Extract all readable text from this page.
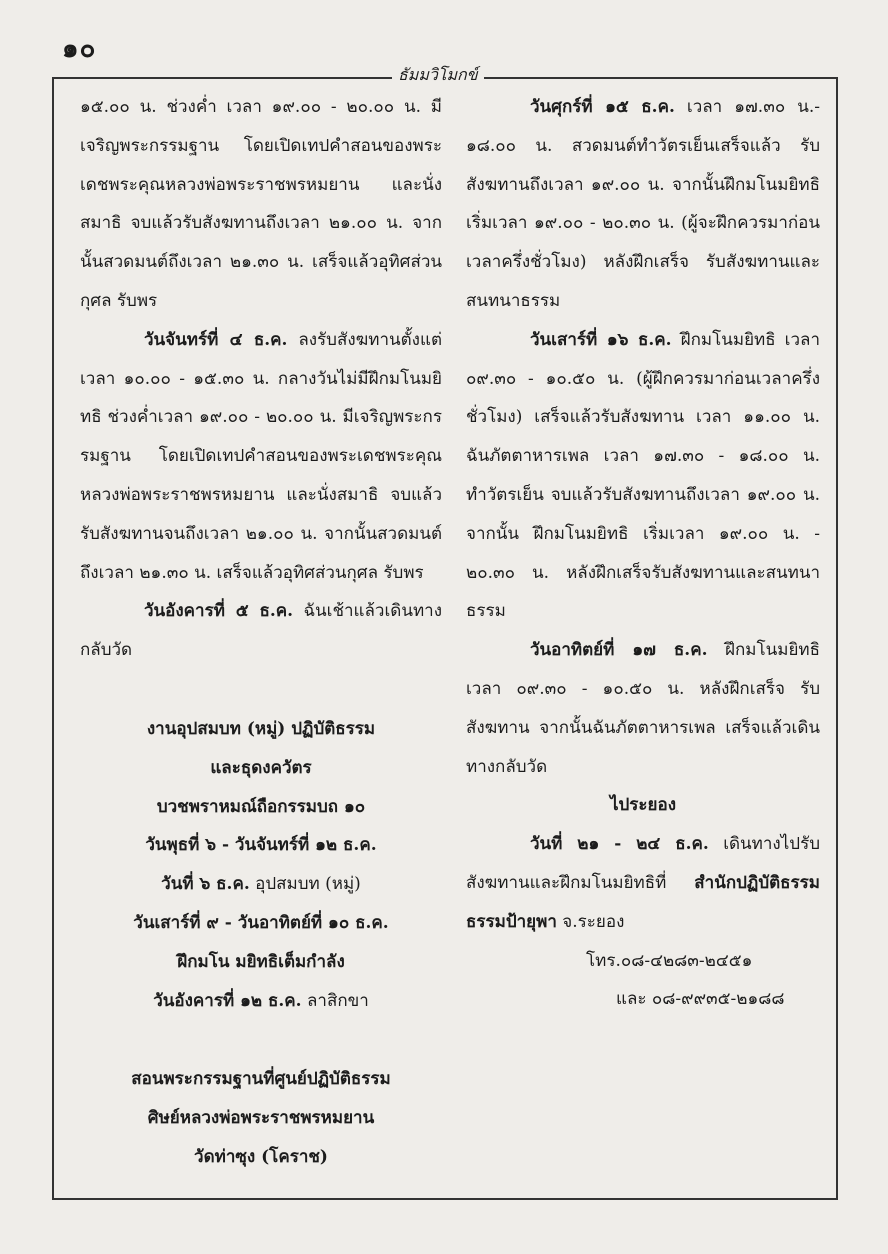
๑๐
ธัมมวิโมกข์

๑๕.๐๐ น. ช่วงค่ำ เวลา ๑๙.๐๐ - ๒๐.๐๐ น. มีเจริญพระกรรมฐาน โดยเปิดเทปคำสอนของพระเดชพระคุณหลวงพ่อพระราชพรหมยาน และนั่งสมาธิ จบแล้วรับสังฆทานถึงเวลา ๒๑.๐๐ น. จากนั้นสวดมนต์ถึงเวลา ๒๑.๓๐ น. เสร็จแล้วอุทิศส่วนกุศล รับพร

วันจันทร์ที่ ๔ ธ.ค. ลงรับสังฆทานตั้งแต่เวลา ๑๐.๐๐ - ๑๕.๓๐ น. กลางวันไม่มีฝึกมโนมยิทธิ ช่วงค่ำเวลา ๑๙.๐๐ - ๒๐.๐๐ น. มีเจริญพระกรรมฐาน โดยเปิดเทปคำสอนของพระเดชพระคุณหลวงพ่อพระราชพรหมยาน และนั่งสมาธิ จบแล้วรับสังฆทานจนถึงเวลา ๒๑.๐๐ น. จากนั้นสวดมนต์ถึงเวลา ๒๑.๓๐ น. เสร็จแล้วอุทิศส่วนกุศล รับพร

วันอังคารที่ ๕ ธ.ค. ฉันเช้าแล้วเดินทางกลับวัด

งานอุปสมบท (หมู่) ปฏิบัติธรรม

และธุดงควัตร

บวชพราหมณ์ถือกรรมบถ ๑๐

วันพุธที่ ๖ - วันจันทร์ที่ ๑๒ ธ.ค.

วันที่ ๖ ธ.ค. อุปสมบท (หมู่)

วันเสาร์ที่ ๙ - วันอาทิตย์ที่ ๑๐ ธ.ค.

ฝึกมโน มยิทธิเต็มกำลัง

วันอังคารที่ ๑๒ ธ.ค. ลาสิกขา

สอนพระกรรมฐานที่ศูนย์ปฏิบัติธรรม

ศิษย์หลวงพ่อพระราชพรหมยาน

วัดท่าซุง (โคราช)

วันศุกร์ที่ ๑๕ ธ.ค. เวลา ๑๗.๓๐ น.- ๑๘.๐๐ น. สวดมนต์ทำวัตรเย็นเสร็จแล้ว รับสังฆทานถึงเวลา ๑๙.๐๐ น. จากนั้นฝึกมโนมยิทธิ เริ่มเวลา ๑๙.๐๐ - ๒๐.๓๐ น. (ผู้จะฝึกควรมาก่อนเวลาครึ่งชั่วโมง) หลังฝึกเสร็จ รับสังฆทานและสนทนาธรรม

วันเสาร์ที่ ๑๖ ธ.ค. ฝึกมโนมยิทธิ เวลา ๐๙.๓๐ - ๑๐.๕๐ น. (ผู้ฝึกควรมาก่อนเวลาครึ่งชั่วโมง) เสร็จแล้วรับสังฆทาน เวลา ๑๑.๐๐ น. ฉันภัตตาหารเพล เวลา ๑๗.๓๐ - ๑๘.๐๐ น. ทำวัตรเย็น จบแล้วรับสังฆทานถึงเวลา ๑๙.๐๐ น. จากนั้น ฝึกมโนมยิทธิ เริ่มเวลา ๑๙.๐๐ น. - ๒๐.๓๐ น. หลังฝึกเสร็จรับสังฆทานและสนทนาธรรม

วันอาทิตย์ที่ ๑๗ ธ.ค. ฝึกมโนมยิทธิ เวลา ๐๙.๓๐ - ๑๐.๕๐ น. หลังฝึกเสร็จ รับสังฆทาน จากนั้นฉันภัตตาหารเพล เสร็จแล้วเดินทางกลับวัด

ไประยอง

วันที่ ๒๑ - ๒๔ ธ.ค. เดินทางไปรับสังฆทานและฝึกมโนมยิทธิที่ สำนักปฏิบัติธรรมธรรมป้ายุพา จ.ระยอง

โทร.๐๘-๔๒๘๓-๒๔๕๑

และ ๐๘-๙๙๓๕-๒๑๘๘
